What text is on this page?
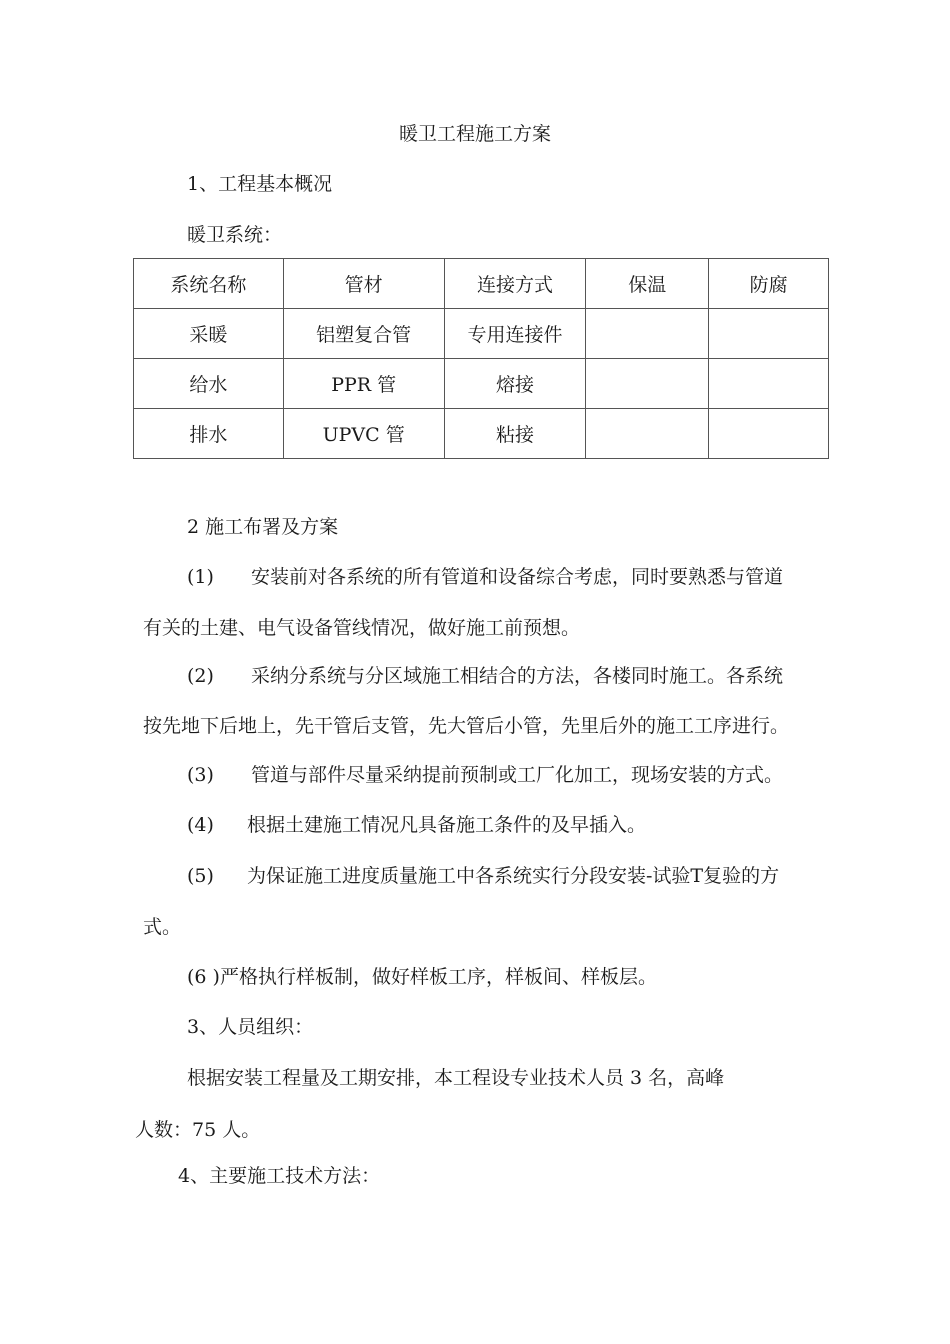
暖卫工程施工方案
1、工程基本概况
暖卫系统：
系统名称	管材	连接方式	保温	防腐
采暖	铝塑复合管	专用连接件		
给水	PPR 管	熔接		
排水	UPVC 管	粘接		
2 施工布署及方案
(1) 安装前对各系统的所有管道和设备综合考虑，同时要熟悉与管道
有关的土建、电气设备管线情况，做好施工前预想。
(2) 采纳分系统与分区域施工相结合的方法，各楼同时施工。各系统
按先地下后地上，先干管后支管，先大管后小管，先里后外的施工工序进行。
(3) 管道与部件尽量采纳提前预制或工厂化加工，现场安装的方式。
(4) 根据土建施工情况凡具备施工条件的及早插入。
(5) 为保证施工进度质量施工中各系统实行分段安装-试验T复验的方
式。
(6 )严格执行样板制，做好样板工序，样板间、样板层。
3、人员组织：
根据安装工程量及工期安排，本工程设专业技术人员 3 名，高峰
人数：75 人。
4、主要施工技术方法：
